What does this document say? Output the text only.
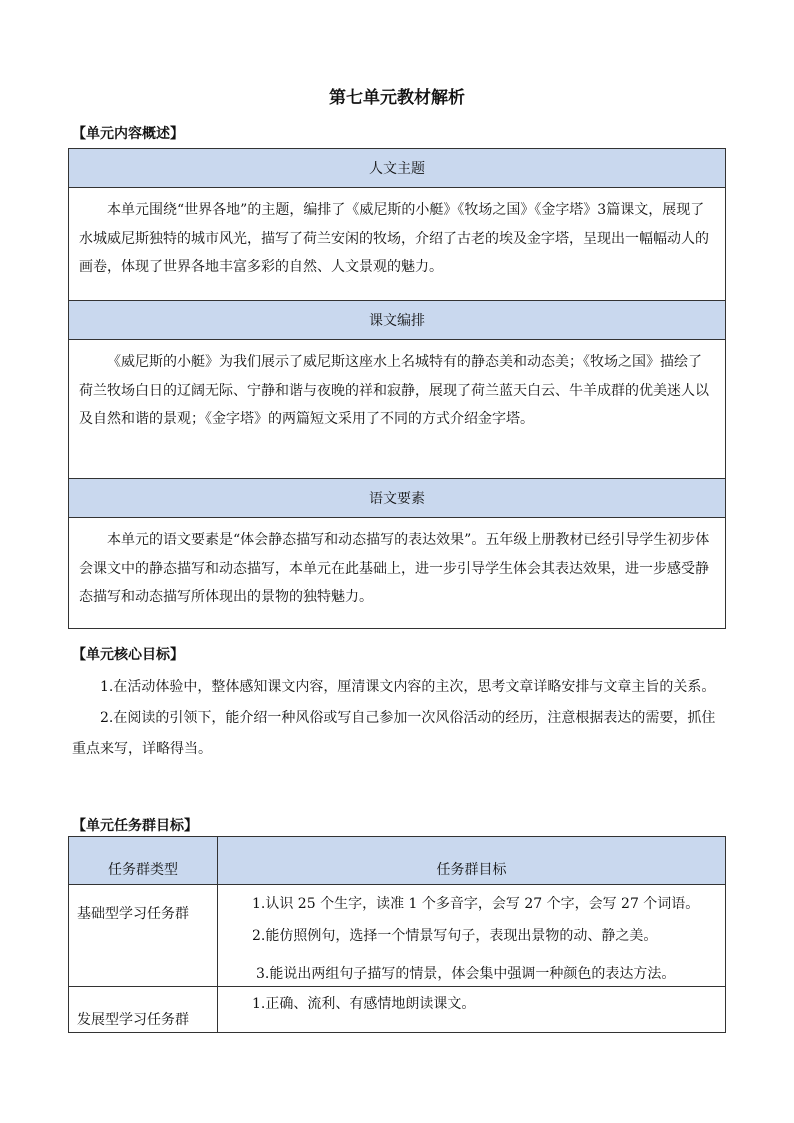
第七单元教材解析
【单元内容概述】
人文主题
本单元围绕“世界各地”的主题，编排了《威尼斯的小艇》《牧场之国》《金字塔》3篇课文，展现了水城威尼斯独特的城市风光，描写了荷兰安闲的牧场，介绍了古老的埃及金字塔，呈现出一幅幅动人的画卷，体现了世界各地丰富多彩的自然、人文景观的魅力。
课文编排
《威尼斯的小艇》为我们展示了威尼斯这座水上名城特有的静态美和动态美；《牧场之国》描绘了荷兰牧场白日的辽阔无际、宁静和谐与夜晚的祥和寂静，展现了荷兰蓝天白云、牛羊成群的优美迷人以及自然和谐的景观；《金字塔》的两篇短文采用了不同的方式介绍金字塔。
语文要素
本单元的语文要素是“体会静态描写和动态描写的表达效果”。五年级上册教材已经引导学生初步体会课文中的静态描写和动态描写，本单元在此基础上，进一步引导学生体会其表达效果，进一步感受静态描写和动态描写所体现出的景物的独特魅力。
【单元核心目标】
1.在活动体验中，整体感知课文内容，厘清课文内容的主次，思考文章详略安排与文章主旨的关系。
2.在阅读的引领下，能介绍一种风俗或写自己参加一次风俗活动的经历，注意根据表达的需要，抓住重点来写，详略得当。
【单元任务群目标】
任务群类型	任务群目标
基础型学习任务群	1.认识 25 个生字，读准 1 个多音字，会写 27 个字，会写 27 个词语。
2.能仿照例句，选择一个情景写句子，表现出景物的动、静之美。
3.能说出两组句子描写的情景，体会集中强调一种颜色的表达方法。

发展型学习任务群	1.正确、流利、有感情地朗读课文。
